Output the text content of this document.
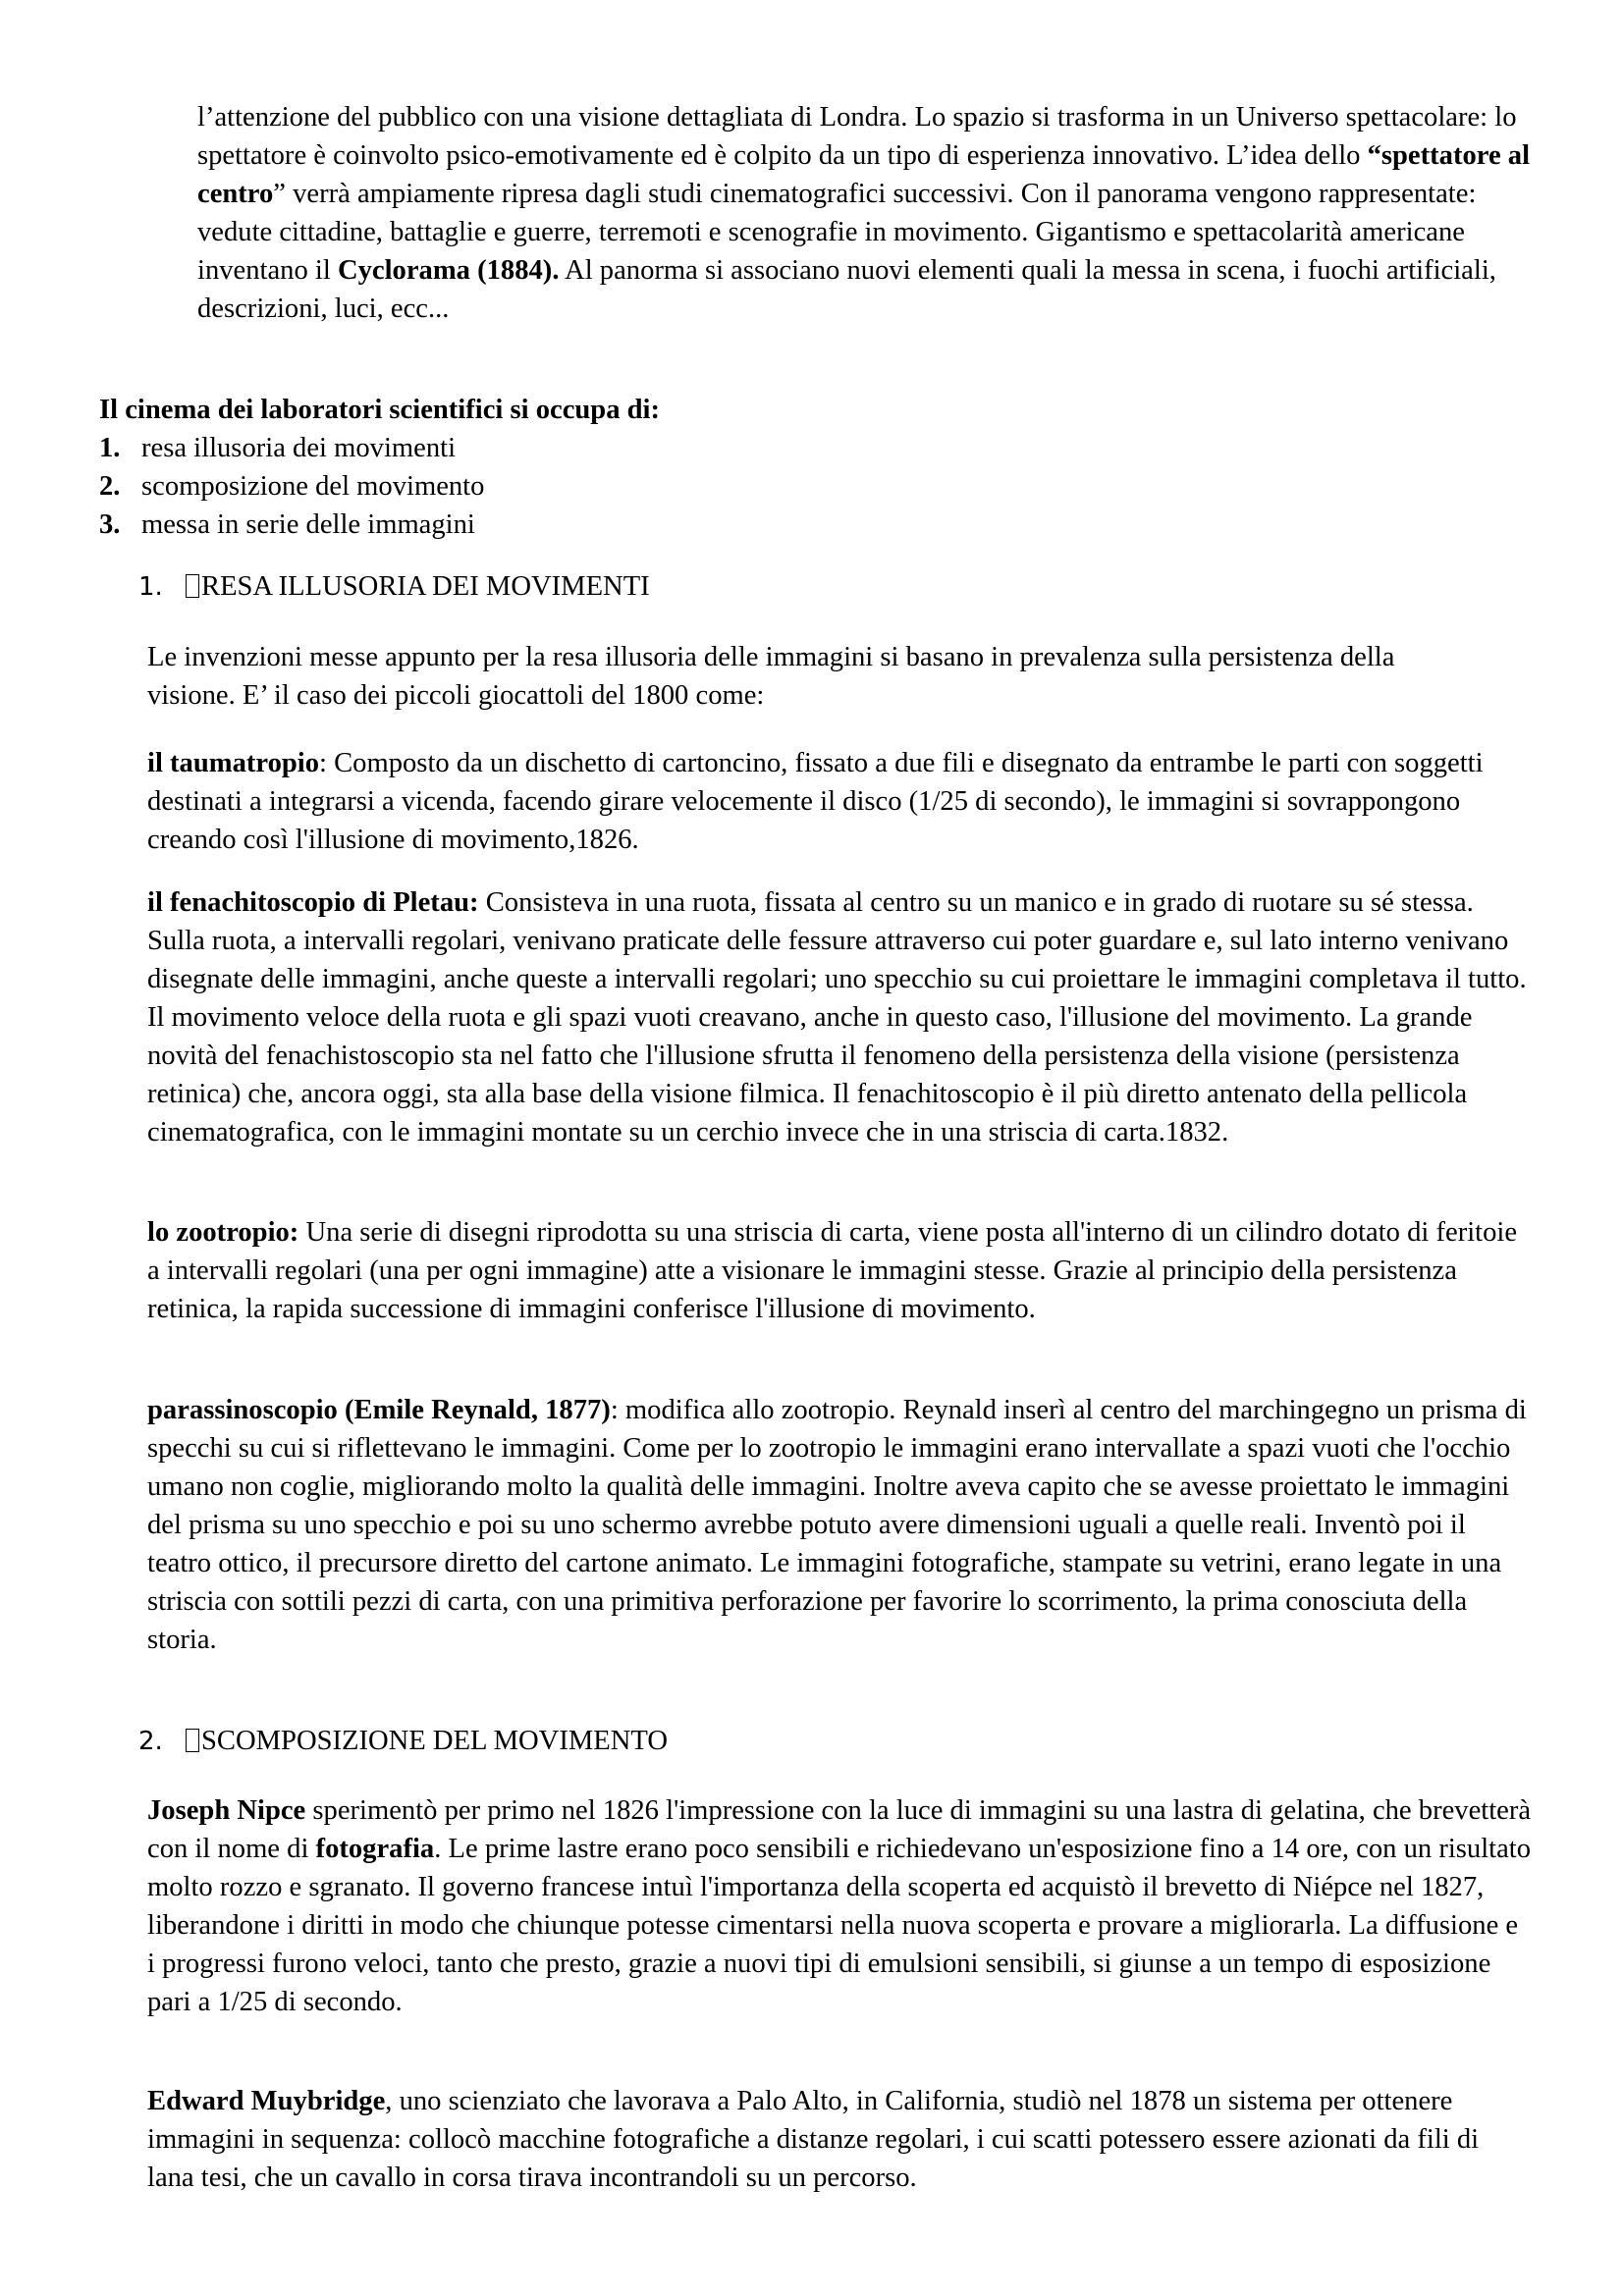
l’attenzione del pubblico con una visione dettagliata di Londra. Lo spazio si trasforma in un Universo spettacolare: lo spettatore è coinvolto psico-emotivamente ed è colpito da un tipo di esperienza innovativo. L’idea dello “spettatore al centro” verrà ampiamente ripresa dagli studi cinematografici successivi. Con il panorama vengono rappresentate: vedute cittadine, battaglie e guerre, terremoti e scenografie in movimento. Gigantismo e spettacolarità americane inventano il Cyclorama (1884). Al panorma si associano nuovi elementi quali la messa in scena, i fuochi artificiali, descrizioni, luci, ecc...

Il cinema dei laboratori scientifici si occupa di:

1. resa illusoria dei movimenti
2. scomposizione del movimento
3. messa in serie delle immagini
1. RESA ILLUSORIA DEI MOVIMENTI

Le invenzioni messe appunto per la resa illusoria delle immagini si basano in prevalenza sulla persistenza della visione. E’ il caso dei piccoli giocattoli del 1800 come:

il taumatropio: Composto da un dischetto di cartoncino, fissato a due fili e disegnato da entrambe le parti con soggetti destinati a integrarsi a vicenda, facendo girare velocemente il disco (1/25 di secondo), le immagini si sovrappongono creando così l'illusione di movimento,1826.

il fenachitoscopio di Pletau: Consisteva in una ruota, fissata al centro su un manico e in grado di ruotare su sé stessa. Sulla ruota, a intervalli regolari, venivano praticate delle fessure attraverso cui poter guardare e, sul lato interno venivano disegnate delle immagini, anche queste a intervalli regolari; uno specchio su cui proiettare le immagini completava il tutto. Il movimento veloce della ruota e gli spazi vuoti creavano, anche in questo caso, l'illusione del movimento. La grande novità del fenachistoscopio sta nel fatto che l'illusione sfrutta il fenomeno della persistenza della visione (persistenza retinica) che, ancora oggi, sta alla base della visione filmica. Il fenachitoscopio è il più diretto antenato della pellicola cinematografica, con le immagini montate su un cerchio invece che in una striscia di carta.1832.

lo zootropio: Una serie di disegni riprodotta su una striscia di carta, viene posta all'interno di un cilindro dotato di feritoie a intervalli regolari (una per ogni immagine) atte a visionare le immagini stesse. Grazie al principio della persistenza retinica, la rapida successione di immagini conferisce l'illusione di movimento.

parassinoscopio (Emile Reynald, 1877): modifica allo zootropio. Reynald inserì al centro del marchingegno un prisma di specchi su cui si riflettevano le immagini. Come per lo zootropio le immagini erano intervallate a spazi vuoti che l'occhio umano non coglie, migliorando molto la qualità delle immagini. Inoltre aveva capito che se avesse proiettato le immagini del prisma su uno specchio e poi su uno schermo avrebbe potuto avere dimensioni uguali a quelle reali. Inventò poi il teatro ottico, il precursore diretto del cartone animato. Le immagini fotografiche, stampate su vetrini, erano legate in una striscia con sottili pezzi di carta, con una primitiva perforazione per favorire lo scorrimento, la prima conosciuta della storia.

2. SCOMPOSIZIONE DEL MOVIMENTO

Joseph Nipce sperimentò per primo nel 1826 l'impressione con la luce di immagini su una lastra di gelatina, che brevetterà con il nome di fotografia. Le prime lastre erano poco sensibili e richiedevano un'esposizione fino a 14 ore, con un risultato molto rozzo e sgranato. Il governo francese intuì l'importanza della scoperta ed acquistò il brevetto di Niépce nel 1827, liberandone i diritti in modo che chiunque potesse cimentarsi nella nuova scoperta e provare a migliorarla. La diffusione e i progressi furono veloci, tanto che presto, grazie a nuovi tipi di emulsioni sensibili, si giunse a un tempo di esposizione pari a 1/25 di secondo.

Edward Muybridge, uno scienziato che lavorava a Palo Alto, in California, studiò nel 1878 un sistema per ottenere immagini in sequenza: collocò macchine fotografiche a distanze regolari, i cui scatti potessero essere azionati da fili di lana tesi, che un cavallo in corsa tirava incontrandoli su un percorso.
